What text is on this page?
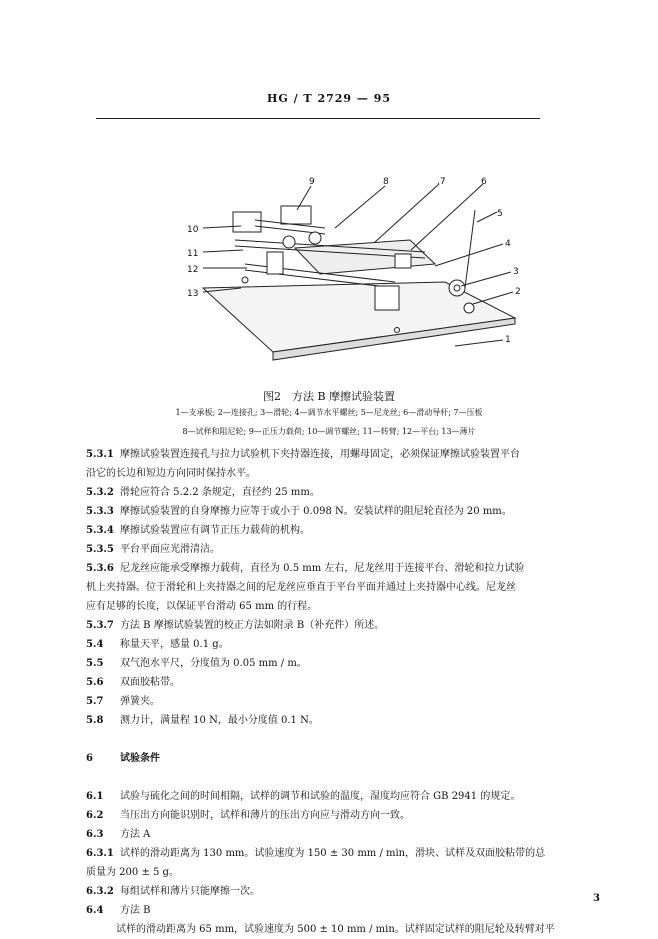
HG / T 2729 — 95
1
2
3
4
5
6
.7
8
9
10
11
12
13
图2　方法 B 摩擦试验装置
1—支承板; 2—连接孔; 3—滑轮; 4—调节水平螺丝; 5—尼龙丝; 6—滑动导杆; 7—压板
8—试样和阻尼轮; 9—正压力载荷; 10—调节螺丝; 11—转臂; 12—平台; 13—薄片
5.3.1 摩擦试验装置连接孔与拉力试验机下夹持器连接，用螺母固定，必须保证摩擦试验装置平台
沿它的长边和短边方向同时保持水平。
5.3.2 滑轮应符合 5.2.2 条规定，直径约 25 mm。
5.3.3 摩擦试验装置的自身摩擦力应等于或小于 0.098 N。安装试样的阻尼轮直径为 20 mm。
5.3.4 摩擦试验装置应有调节正压力载荷的机构。
5.3.5 平台平面应光滑清洁。
5.3.6 尼龙丝应能承受摩擦力载荷，直径为 0.5 mm 左右，尼龙丝用于连接平台、滑轮和拉力试验
机上夹持器。位于滑轮和上夹持器之间的尼龙丝应垂直于平台平面并通过上夹持器中心线。尼龙丝
应有足够的长度，以保证平台滑动 65 mm 的行程。
5.3.7 方法 B 摩擦试验装置的校正方法如附录 B（补充件）所述。
5.4 称量天平，感量 0.1 g。
5.5 双气泡水平尺，分度值为 0.05 mm / m。
5.6 双面胶粘带。
5.7 弹簧夹。
5.8 测力计，满量程 10 N，最小分度值 0.1 N。
6	试验条件
6.1 试验与硫化之间的时间相隔，试样的调节和试验的温度，湿度均应符合 GB 2941 的规定。
6.2 当压出方向能识别时，试样和薄片的压出方向应与滑动方向一致。
6.3 方法 A
6.3.1 试样的滑动距离为 130 mm。试验速度为 150 ± 30 mm / min，滑块、试样及双面胶粘带的总
质量为 200 ± 5 g。
6.3.2 每组试样和薄片只能摩擦一次。
6.4 方法 B
试样的滑动距离为 65 mm，试验速度为 500 ± 10 mm / min。试样固定试样的阻尼轮及转臂对平
3
